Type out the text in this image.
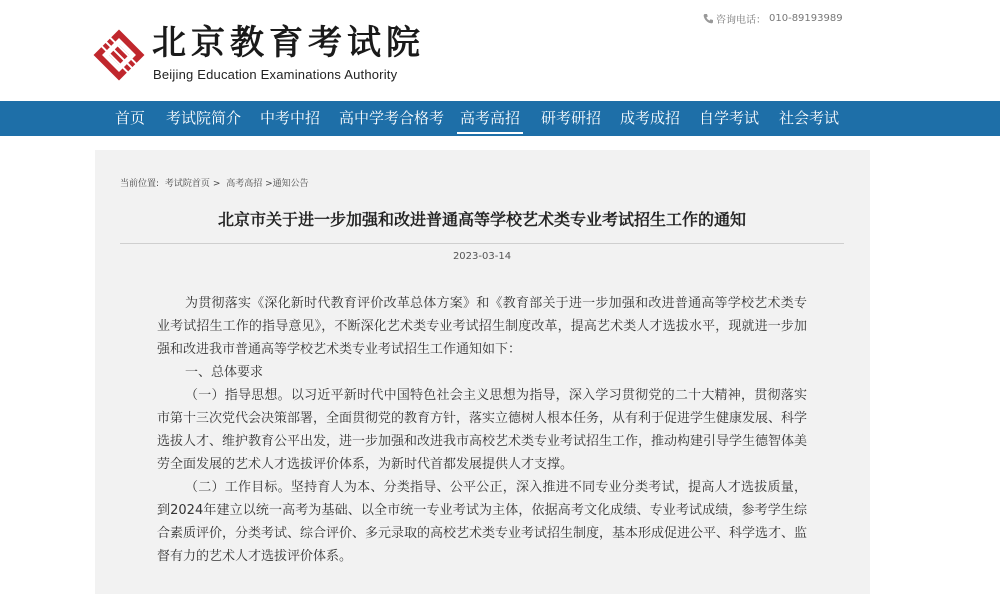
北京教育考试院
Beijing Education Examinations Authority
咨询电话： 010-89193989
首页 考试院简介 中考中招 高中学考合格考 高考高招 研考研招 成考成招 自学考试 社会考试
当前位置: 考试院首页 > 高考高招 >通知公告
北京市关于进一步加强和改进普通高等学校艺术类专业考试招生工作的通知
2023-03-14

为贯彻落实《深化新时代教育评价改革总体方案》和《教育部关于进一步加强和改进普通高等学校艺术类专业考试招生工作的指导意见》，不断深化艺术类专业考试招生制度改革，提高艺术类人才选拔水平，现就进一步加强和改进我市普通高等学校艺术类专业考试招生工作通知如下：

一、总体要求

（一）指导思想。以习近平新时代中国特色社会主义思想为指导，深入学习贯彻党的二十大精神，贯彻落实市第十三次党代会决策部署，全面贯彻党的教育方针，落实立德树人根本任务，从有利于促进学生健康发展、科学选拔人才、维护教育公平出发，进一步加强和改进我市高校艺术类专业考试招生工作，推动构建引导学生德智体美劳全面发展的艺术人才选拔评价体系，为新时代首都发展提供人才支撑。

（二）工作目标。坚持育人为本、分类指导、公平公正，深入推进不同专业分类考试，提高人才选拔质量，到2024年建立以统一高考为基础、以全市统一专业考试为主体，依据高考文化成绩、专业考试成绩，参考学生综合素质评价，分类考试、综合评价、多元录取的高校艺术类专业考试招生制度，基本形成促进公平、科学选才、监督有力的艺术人才选拔评价体系。
